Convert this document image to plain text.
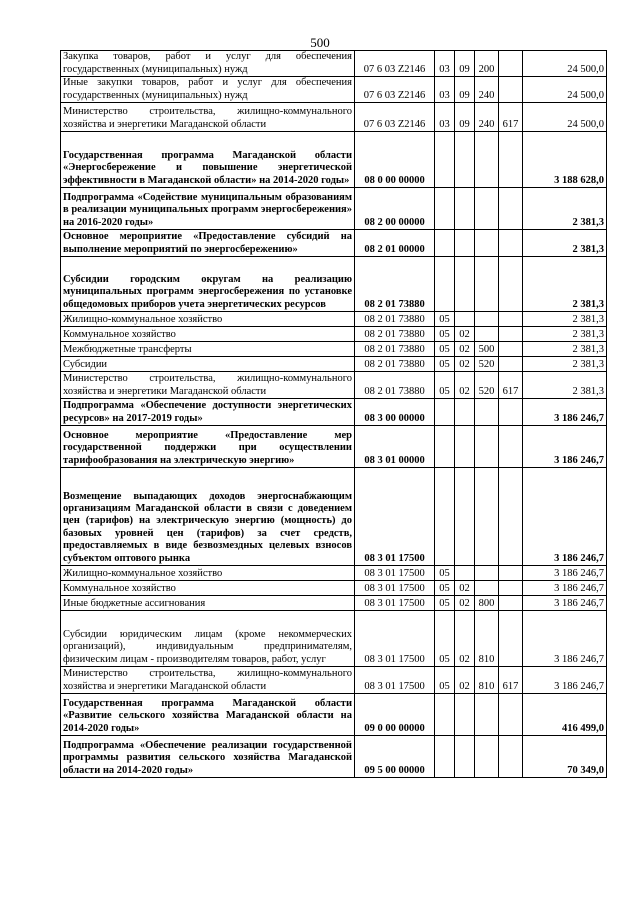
500
Закупка товаров, работ и услуг для обеспечения государственных (муниципальных) нужд	07 6 03 Z2146	03	09	200		24 500,0
Иные закупки товаров, работ и услуг для обеспечения государственных (муниципальных) нужд	07 6 03 Z2146	03	09	240		24 500,0
Министерство строительства, жилищно-коммунального хозяйства и энергетики Магаданской области	07 6 03 Z2146	03	09	240	617	24 500,0
Государственная программа Магаданской области «Энергосбережение и повышение энергетической эффективности в Магаданской области» на 2014-2020 годы»	08 0 00 00000					3 188 628,0
Подпрограмма «Содействие муниципальным образованиям в реализации муниципальных программ энергосбережения» на 2016-2020 годы»	08 2 00 00000					2 381,3
Основное мероприятие «Предоставление субсидий на выполнение мероприятий по энергосбережению»	08 2 01 00000					2 381,3
Субсидии городским округам на реализацию муниципальных программ энергосбережения по установке общедомовых приборов учета энергетических ресурсов	08 2 01 73880					2 381,3
Жилищно-коммунальное хозяйство	08 2 01 73880	05				2 381,3
Коммунальное хозяйство	08 2 01 73880	05	02			2 381,3
Межбюджетные трансферты	08 2 01 73880	05	02	500		2 381,3
Субсидии	08 2 01 73880	05	02	520		2 381,3
Министерство строительства, жилищно-коммунального хозяйства и энергетики Магаданской области	08 2 01 73880	05	02	520	617	2 381,3
Подпрограмма «Обеспечение доступности энергетических ресурсов» на 2017-2019 годы»	08 3 00 00000					3 186 246,7
Основное мероприятие «Предоставление мер государственной поддержки при осуществлении тарифообразования на электрическую энергию»	08 3 01 00000					3 186 246,7
Возмещение выпадающих доходов энергоснабжающим организациям Магаданской области в связи с доведением цен (тарифов) на электрическую энергию (мощность) до базовых уровней цен (тарифов) за счет средств, предоставляемых в виде безвозмездных целевых взносов субъектом оптового рынка	08 3 01 17500					3 186 246,7
Жилищно-коммунальное хозяйство	08 3 01 17500	05				3 186 246,7
Коммунальное хозяйство	08 3 01 17500	05	02			3 186 246,7
Иные бюджетные ассигнования	08 3 01 17500	05	02	800		3 186 246,7
Субсидии юридическим лицам (кроме некоммерческих организаций), индивидуальным предпринимателям, физическим лицам - производителям товаров, работ, услуг	08 3 01 17500	05	02	810		3 186 246,7
Министерство строительства, жилищно-коммунального хозяйства и энергетики Магаданской области	08 3 01 17500	05	02	810	617	3 186 246,7
Государственная программа Магаданской области «Развитие сельского хозяйства Магаданской области на 2014-2020 годы»	09 0 00 00000					416 499,0
Подпрограмма «Обеспечение реализации государственной программы развития сельского хозяйства Магаданской области на 2014-2020 годы»	09 5 00 00000					70 349,0
